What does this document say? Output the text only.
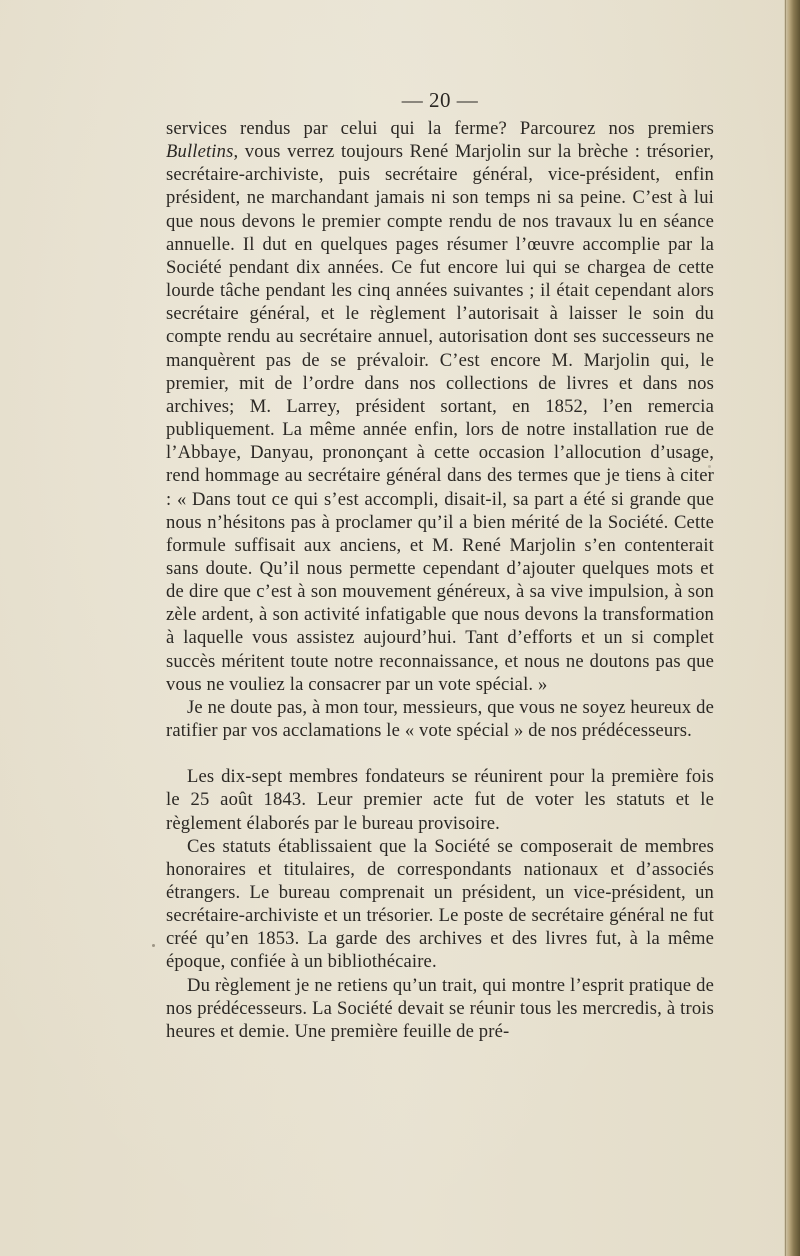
— 20 —

services rendus par celui qui la ferme? Parcourez nos premiers Bulletins, vous verrez toujours René Marjolin sur la brèche : trésorier, secrétaire-archiviste, puis secrétaire général, vice-président, enfin président, ne marchandant jamais ni son temps ni sa peine. C’est à lui que nous devons le premier compte rendu de nos travaux lu en séance annuelle. Il dut en quelques pages résumer l’œuvre accomplie par la Société pendant dix années. Ce fut encore lui qui se chargea de cette lourde tâche pendant les cinq années suivantes ; il était cependant alors secrétaire général, et le règlement l’autorisait à laisser le soin du compte rendu au secrétaire annuel, autorisation dont ses successeurs ne manquèrent pas de se prévaloir. C’est encore M. Marjolin qui, le premier, mit de l’ordre dans nos collections de livres et dans nos archives; M. Larrey, président sortant, en 1852, l’en remercia publiquement. La même année enfin, lors de notre installation rue de l’Abbaye, Danyau, prononçant à cette occasion l’allocution d’usage, rend hommage au secrétaire général dans des termes que je tiens à citer : « Dans tout ce qui s’est accompli, disait-il, sa part a été si grande que nous n’hésitons pas à proclamer qu’il a bien mérité de la Société. Cette formule suffisait aux anciens, et M. René Marjolin s’en contenterait sans doute. Qu’il nous permette cependant d’ajouter quelques mots et de dire que c’est à son mouvement généreux, à sa vive impulsion, à son zèle ardent, à son activité infatigable que nous devons la transformation à laquelle vous assistez aujourd’hui. Tant d’efforts et un si complet succès méritent toute notre reconnaissance, et nous ne doutons pas que vous ne vouliez la consacrer par un vote spécial. »

Je ne doute pas, à mon tour, messieurs, que vous ne soyez heureux de ratifier par vos acclamations le « vote spécial » de nos prédécesseurs.

Les dix-sept membres fondateurs se réunirent pour la première fois le 25 août 1843. Leur premier acte fut de voter les statuts et le règlement élaborés par le bureau provisoire.

Ces statuts établissaient que la Société se composerait de membres honoraires et titulaires, de correspondants nationaux et d’associés étrangers. Le bureau comprenait un président, un vice-président, un secrétaire-archiviste et un trésorier. Le poste de secrétaire général ne fut créé qu’en 1853. La garde des archives et des livres fut, à la même époque, confiée à un bibliothécaire.

Du règlement je ne retiens qu’un trait, qui montre l’esprit pratique de nos prédécesseurs. La Société devait se réunir tous les mercredis, à trois heures et demie. Une première feuille de pré-
